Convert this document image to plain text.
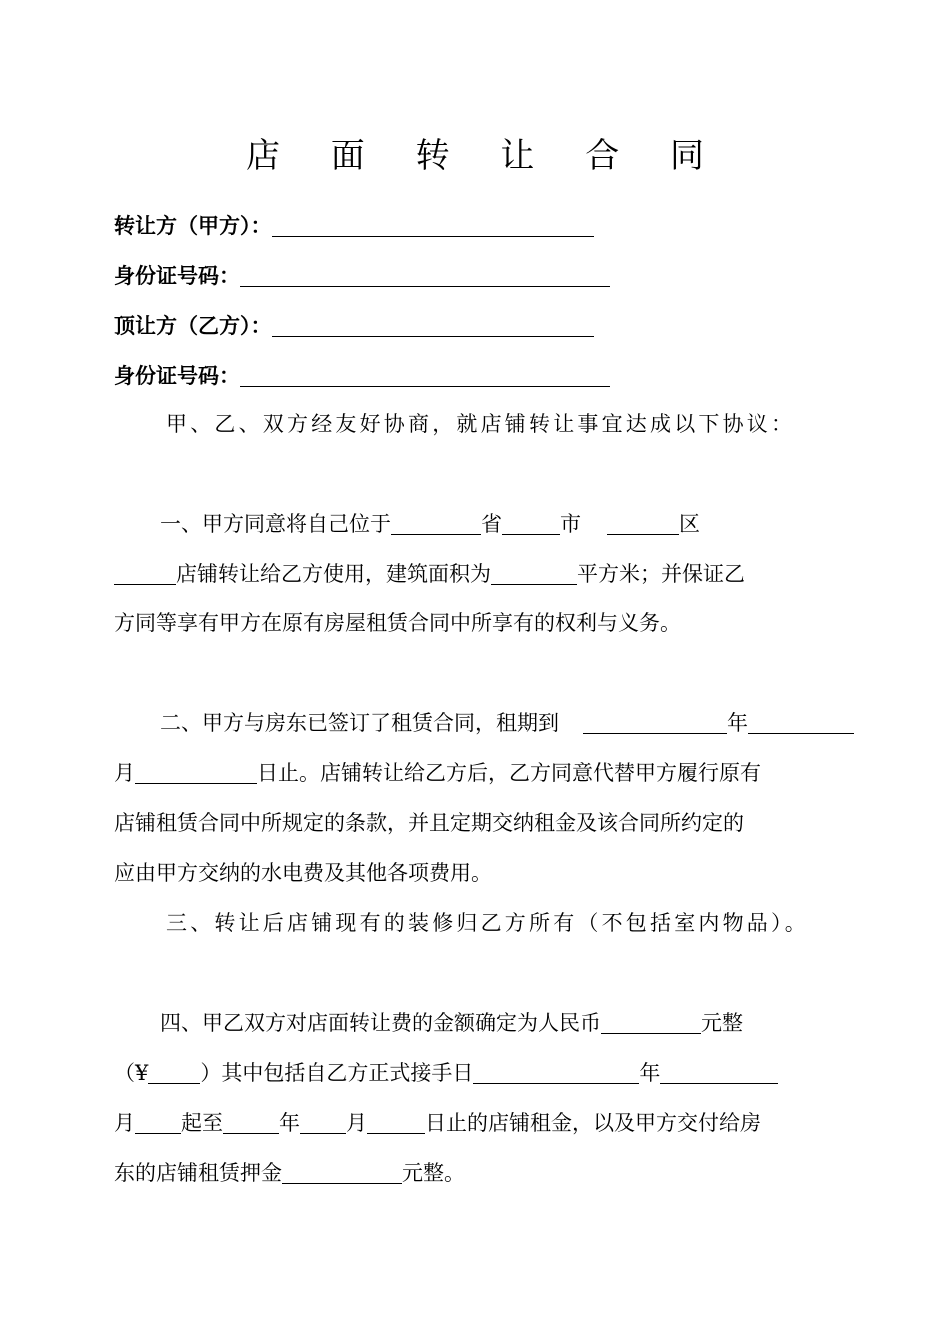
店 面 转 让 合 同
转让方（甲方）：
身份证号码：
顶让方（乙方）：
身份证号码：
甲、乙、双方经友好协商，就店铺转让事宜达成以下协议：
一、甲方同意将自己位于	省	市	区
店铺转让给乙方使用，建筑面积为	平方米；并保证乙
方同等享有甲方在原有房屋租赁合同中所享有的权利与义务。
二、甲方与房东已签订了租赁合同，租期到	年
月	日止。店铺转让给乙方后，乙方同意代替甲方履行原有
店铺租赁合同中所规定的条款，并且定期交纳租金及该合同所约定的
应由甲方交纳的水电费及其他各项费用。
三、转让后店铺现有的装修归乙方所有（不包括室内物品）。
四、甲乙双方对店面转让费的金额确定为人民币	元整
（¥ ）其中包括自乙方正式接手日	年
月 起至	年 月	日止的店铺租金，以及甲方交付给房
东的店铺租赁押金	元整。
